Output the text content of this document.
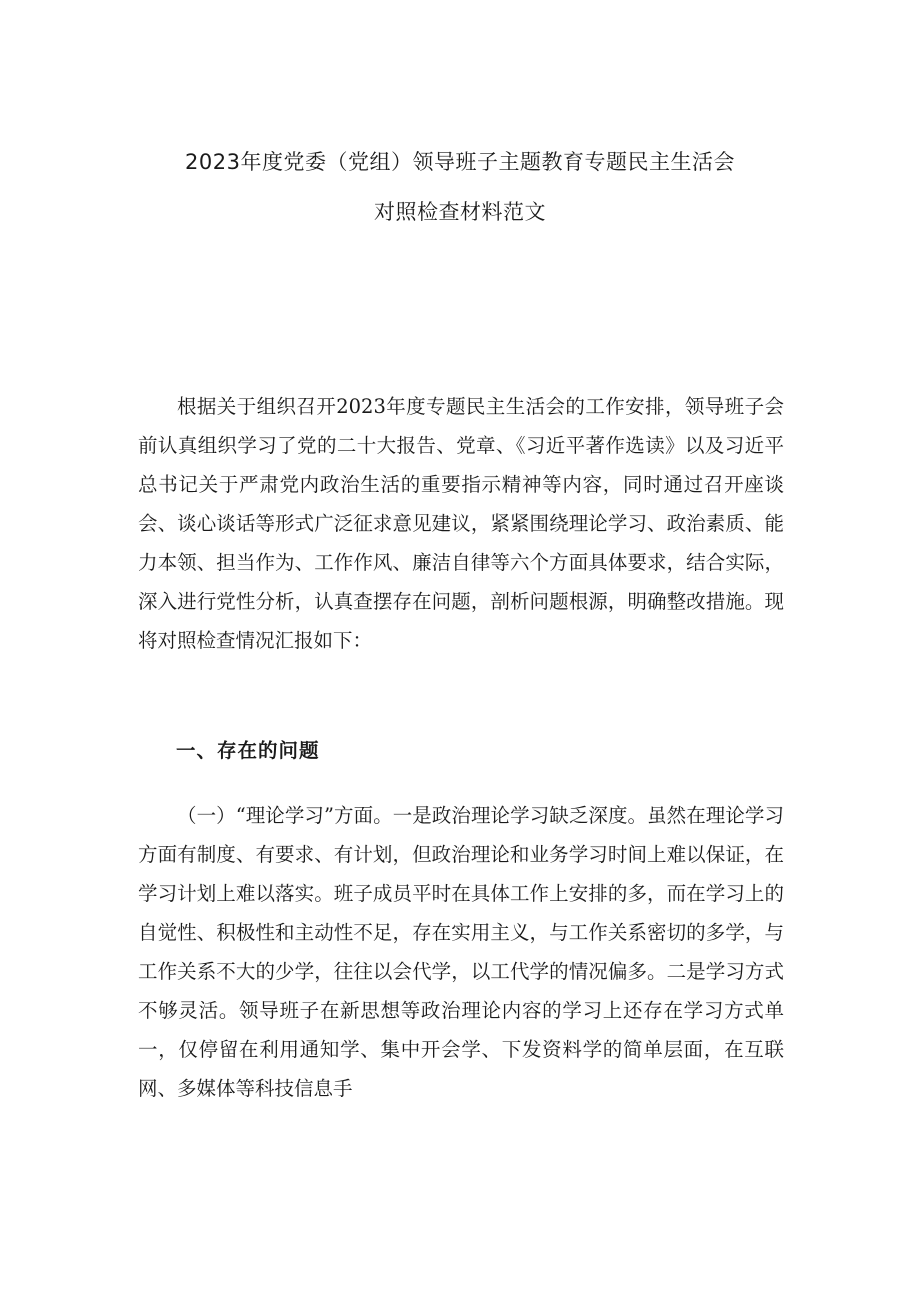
2023年度党委（党组）领导班子主题教育专题民主生活会
对照检查材料范文

根据关于组织召开2023年度专题民主生活会的工作安排，领导班子会前认真组织学习了党的二十大报告、党章、《习近平著作选读》以及习近平总书记关于严肃党内政治生活的重要指示精神等内容，同时通过召开座谈会、谈心谈话等形式广泛征求意见建议，紧紧围绕理论学习、政治素质、能力本领、担当作为、工作作风、廉洁自律等六个方面具体要求，结合实际，深入进行党性分析，认真查摆存在问题，剖析问题根源，明确整改措施。现将对照检查情况汇报如下：

一、存在的问题

（一）“理论学习”方面。一是政治理论学习缺乏深度。虽然在理论学习方面有制度、有要求、有计划，但政治理论和业务学习时间上难以保证，在学习计划上难以落实。班子成员平时在具体工作上安排的多，而在学习上的自觉性、积极性和主动性不足，存在实用主义，与工作关系密切的多学，与工作关系不大的少学，往往以会代学，以工代学的情况偏多。二是学习方式不够灵活。领导班子在新思想等政治理论内容的学习上还存在学习方式单一，仅停留在利用通知学、集中开会学、下发资料学的简单层面，在互联网、多媒体等科技信息手
